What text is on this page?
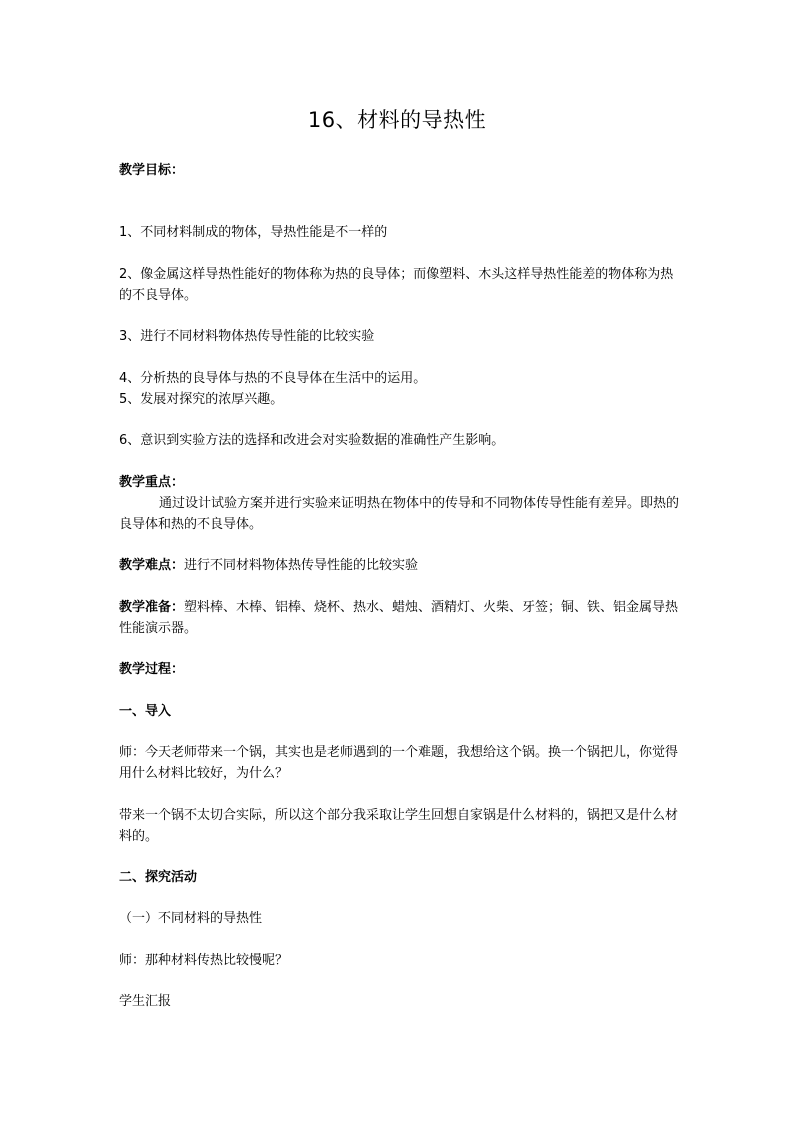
16、材料的导热性
教学目标：
1、不同材料制成的物体，导热性能是不一样的
2、像金属这样导热性能好的物体称为热的良导体；而像塑料、木头这样导热性能差的物体称为热的不良导体。
3、进行不同材料物体热传导性能的比较实验
4、分析热的良导体与热的不良导体在生活中的运用。
5、发展对探究的浓厚兴趣。
6、意识到实验方法的选择和改进会对实验数据的准确性产生影响。
教学重点：
通过设计试验方案并进行实验来证明热在物体中的传导和不同物体传导性能有差异。即热的良导体和热的不良导体。
教学难点：进行不同材料物体热传导性能的比较实验
教学准备：塑料棒、木棒、铝棒、烧杯、热水、蜡烛、酒精灯、火柴、牙签；铜、铁、铝金属导热性能演示器。
教学过程：
一、导入
师：今天老师带来一个锅，其实也是老师遇到的一个难题，我想给这个锅。换一个锅把儿，你觉得用什么材料比较好，为什么？
带来一个锅不太切合实际，所以这个部分我采取让学生回想自家锅是什么材料的，锅把又是什么材料的。
二、探究活动
（一）不同材料的导热性
师：那种材料传热比较慢呢？
学生汇报
